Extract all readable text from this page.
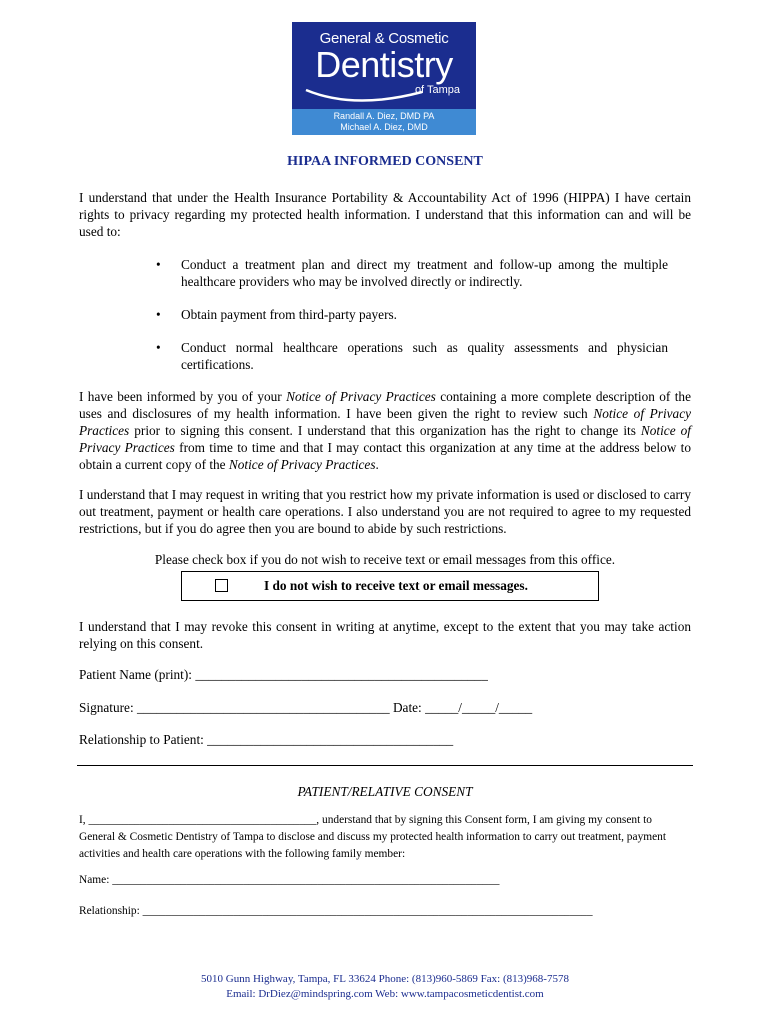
General & Cosmetic
Dentistry
of Tampa
Randall A. Diez, DMD PA
Michael A. Diez, DMD
HIPAA INFORMED CONSENT

I understand that under the Health Insurance Portability & Accountability Act of 1996 (HIPPA) I have certain rights to privacy regarding my protected health information. I understand that this information can and will be used to:

• Conduct a treatment plan and direct my treatment and follow-up among the multiple healthcare providers who may be involved directly or indirectly.
• Obtain payment from third-party payers.
• Conduct normal healthcare operations such as quality assessments and physician certifications.

I have been informed by you of your Notice of Privacy Practices containing a more complete description of the uses and disclosures of my health information. I have been given the right to review such Notice of Privacy Practices prior to signing this consent. I understand that this organization has the right to change its Notice of Privacy Practices from time to time and that I may contact this organization at any time at the address below to obtain a current copy of the Notice of Privacy Practices.

I understand that I may request in writing that you restrict how my private information is used or disclosed to carry out treatment, payment or health care operations. I also understand you are not required to agree to my requested restrictions, but if you do agree then you are bound to abide by such restrictions.

Please check box if you do not wish to receive text or email messages from this office.
I do not wish to receive text or email messages.

I understand that I may revoke this consent in writing at anytime, except to the extent that you may take action relying on this consent.

Patient Name (print): ____________________________________________
Signature: ______________________________________ Date: _____/_____/_____
Relationship to Patient: _____________________________________
PATIENT/RELATIVE CONSENT

I, ________________________________________, understand that by signing this Consent form, I am giving my consent to General & Cosmetic Dentistry of Tampa to disclose and discuss my protected health information to carry out treatment, payment activities and health care operations with the following family member:

Name: ____________________________________________________________________
Relationship: _______________________________________________________________________________
5010 Gunn Highway, Tampa, FL 33624 Phone: (813)960-5869 Fax: (813)968-7578
Email: DrDiez@mindspring.com Web: www.tampacosmeticdentist.com
